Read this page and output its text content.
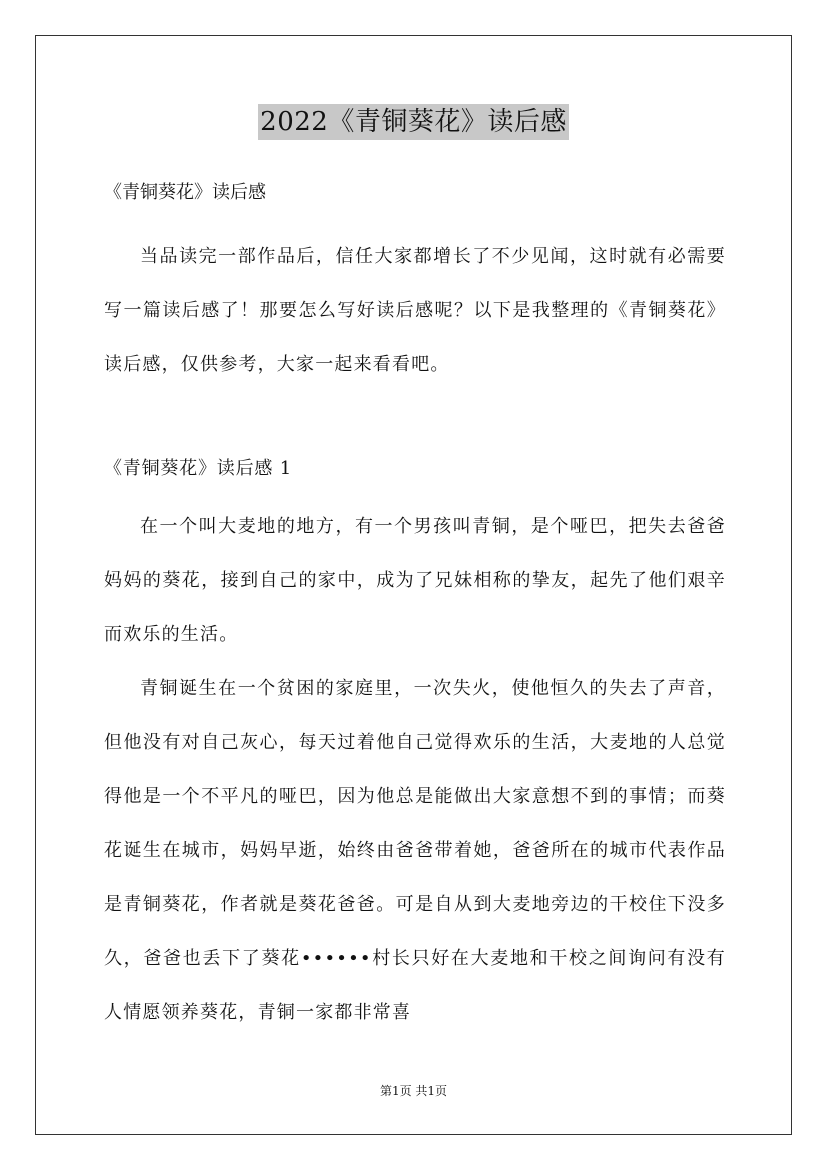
2022《青铜葵花》读后感

《青铜葵花》读后感

当品读完一部作品后，信任大家都增长了不少见闻，这时就有必需要写一篇读后感了！那要怎么写好读后感呢？以下是我整理的《青铜葵花》读后感，仅供参考，大家一起来看看吧。

《青铜葵花》读后感 1

在一个叫大麦地的地方，有一个男孩叫青铜，是个哑巴，把失去爸爸妈妈的葵花，接到自己的家中，成为了兄妹相称的挚友，起先了他们艰辛而欢乐的生活。

青铜诞生在一个贫困的家庭里，一次失火，使他恒久的失去了声音，但他没有对自己灰心，每天过着他自己觉得欢乐的生活，大麦地的人总觉得他是一个不平凡的哑巴，因为他总是能做出大家意想不到的事情；而葵花诞生在城市，妈妈早逝，始终由爸爸带着她，爸爸所在的城市代表作品是青铜葵花，作者就是葵花爸爸。可是自从到大麦地旁边的干校住下没多久，爸爸也丢下了葵花••••••村长只好在大麦地和干校之间询问有没有人情愿领养葵花，青铜一家都非常喜

第1页 共1页
